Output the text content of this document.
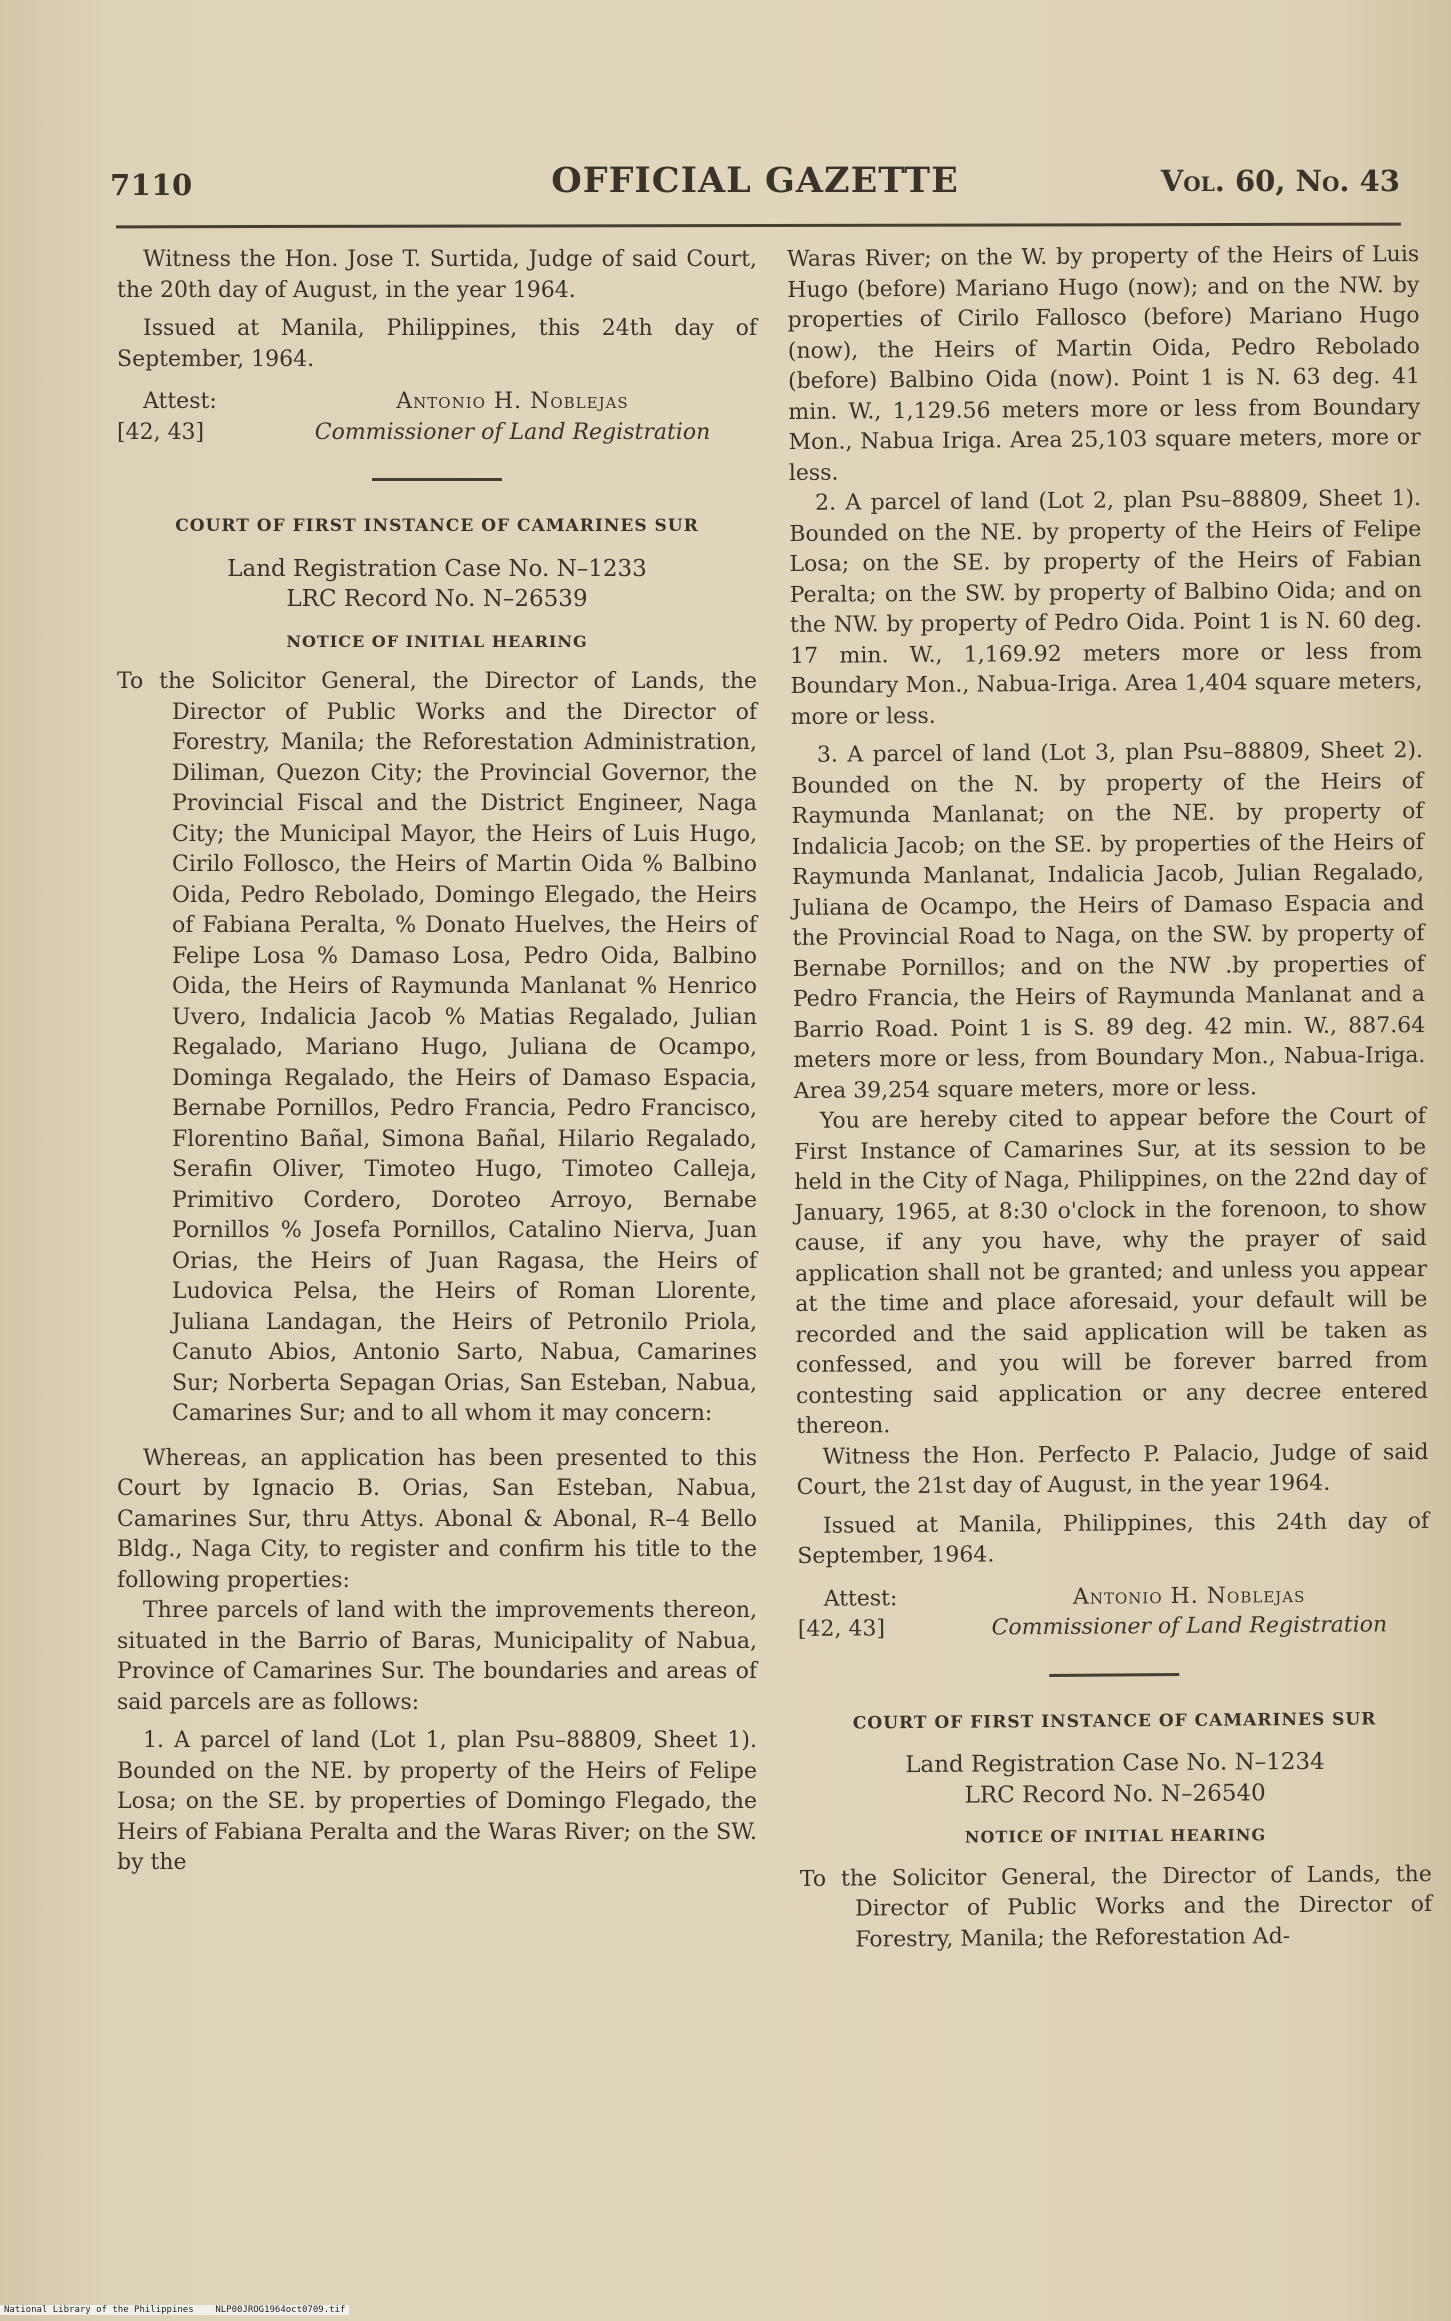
7110	OFFICIAL GAZETTE	Vol. 60, No. 43

Witness the Hon. Jose T. Surtida, Judge of said Court, the 20th day of August, in the year 1964.

Issued at Manila, Philippines, this 24th day of September, 1964.

Attest:
[42, 43]
Antonio H. Noblejas
Commissioner of Land Registration
COURT OF FIRST INSTANCE OF CAMARINES SUR
Land Registration Case No. N–1233
LRC Record No. N–26539
NOTICE OF INITIAL HEARING

To the Solicitor General, the Director of Lands, the Director of Public Works and the Director of Forestry, Manila; the Reforestation Administration, Diliman, Quezon City; the Provincial Governor, the Provincial Fiscal and the District Engineer, Naga City; the Municipal Mayor, the Heirs of Luis Hugo, Cirilo Follosco, the Heirs of Martin Oida % Balbino Oida, Pedro Rebolado, Domingo Elegado, the Heirs of Fabiana Peralta, % Donato Huelves, the Heirs of Felipe Losa % Damaso Losa, Pedro Oida, Balbino Oida, the Heirs of Raymunda Manlanat % Henrico Uvero, Indalicia Jacob % Matias Regalado, Julian Regalado, Mariano Hugo, Juliana de Ocampo, Dominga Regalado, the Heirs of Damaso Espacia, Bernabe Pornillos, Pedro Francia, Pedro Francisco, Florentino Bañal, Simona Bañal, Hilario Regalado, Serafin Oliver, Timoteo Hugo, Timoteo Calleja, Primitivo Cordero, Doroteo Arroyo, Bernabe Pornillos % Josefa Pornillos, Catalino Nierva, Juan Orias, the Heirs of Juan Ragasa, the Heirs of Ludovica Pelsa, the Heirs of Roman Llorente, Juliana Landagan, the Heirs of Petronilo Priola, Canuto Abios, Antonio Sarto, Nabua, Camarines Sur; Norberta Sepagan Orias, San Esteban, Nabua, Camarines Sur; and to all whom it may concern:

Whereas, an application has been presented to this Court by Ignacio B. Orias, San Esteban, Nabua, Camarines Sur, thru Attys. Abonal & Abonal, R–4 Bello Bldg., Naga City, to register and confirm his title to the following properties:

Three parcels of land with the improvements thereon, situated in the Barrio of Baras, Municipality of Nabua, Province of Camarines Sur. The boundaries and areas of said parcels are as follows:

1. A parcel of land (Lot 1, plan Psu–88809, Sheet 1). Bounded on the NE. by property of the Heirs of Felipe Losa; on the SE. by properties of Domingo Flegado, the Heirs of Fabiana Peralta and the Waras River; on the SW. by the

Waras River; on the W. by property of the Heirs of Luis Hugo (before) Mariano Hugo (now); and on the NW. by properties of Cirilo Fallosco (before) Mariano Hugo (now), the Heirs of Martin Oida, Pedro Rebolado (before) Balbino Oida (now). Point 1 is N. 63 deg. 41 min. W., 1,129.56 meters more or less from Boundary Mon., Nabua Iriga. Area 25,103 square meters, more or less.

2. A parcel of land (Lot 2, plan Psu–88809, Sheet 1). Bounded on the NE. by property of the Heirs of Felipe Losa; on the SE. by property of the Heirs of Fabian Peralta; on the SW. by property of Balbino Oida; and on the NW. by property of Pedro Oida. Point 1 is N. 60 deg. 17 min. W., 1,169.92 meters more or less from Boundary Mon., Nabua-Iriga. Area 1,404 square meters, more or less.

3. A parcel of land (Lot 3, plan Psu–88809, Sheet 2). Bounded on the N. by property of the Heirs of Raymunda Manlanat; on the NE. by property of Indalicia Jacob; on the SE. by properties of the Heirs of Raymunda Manlanat, Indalicia Jacob, Julian Regalado, Juliana de Ocampo, the Heirs of Damaso Espacia and the Provincial Road to Naga, on the SW. by property of Bernabe Pornillos; and on the NW .by properties of Pedro Francia, the Heirs of Raymunda Manlanat and a Barrio Road. Point 1 is S. 89 deg. 42 min. W., 887.64 meters more or less, from Boundary Mon., Nabua-Iriga. Area 39,254 square meters, more or less.

You are hereby cited to appear before the Court of First Instance of Camarines Sur, at its session to be held in the City of Naga, Philippines, on the 22nd day of January, 1965, at 8:30 o'clock in the forenoon, to show cause, if any you have, why the prayer of said application shall not be granted; and unless you appear at the time and place aforesaid, your default will be recorded and the said application will be taken as confessed, and you will be forever barred from contesting said application or any decree entered thereon.

Witness the Hon. Perfecto P. Palacio, Judge of said Court, the 21st day of August, in the year 1964.

Issued at Manila, Philippines, this 24th day of September, 1964.

Attest:
[42, 43]
Antonio H. Noblejas
Commissioner of Land Registration
COURT OF FIRST INSTANCE OF CAMARINES SUR
Land Registration Case No. N–1234
LRC Record No. N–26540
NOTICE OF INITIAL HEARING

To the Solicitor General, the Director of Lands, the Director of Public Works and the Director of Forestry, Manila; the Reforestation Ad-

National Library of the Philippines    NLP00JROG1964oct0709.tif
